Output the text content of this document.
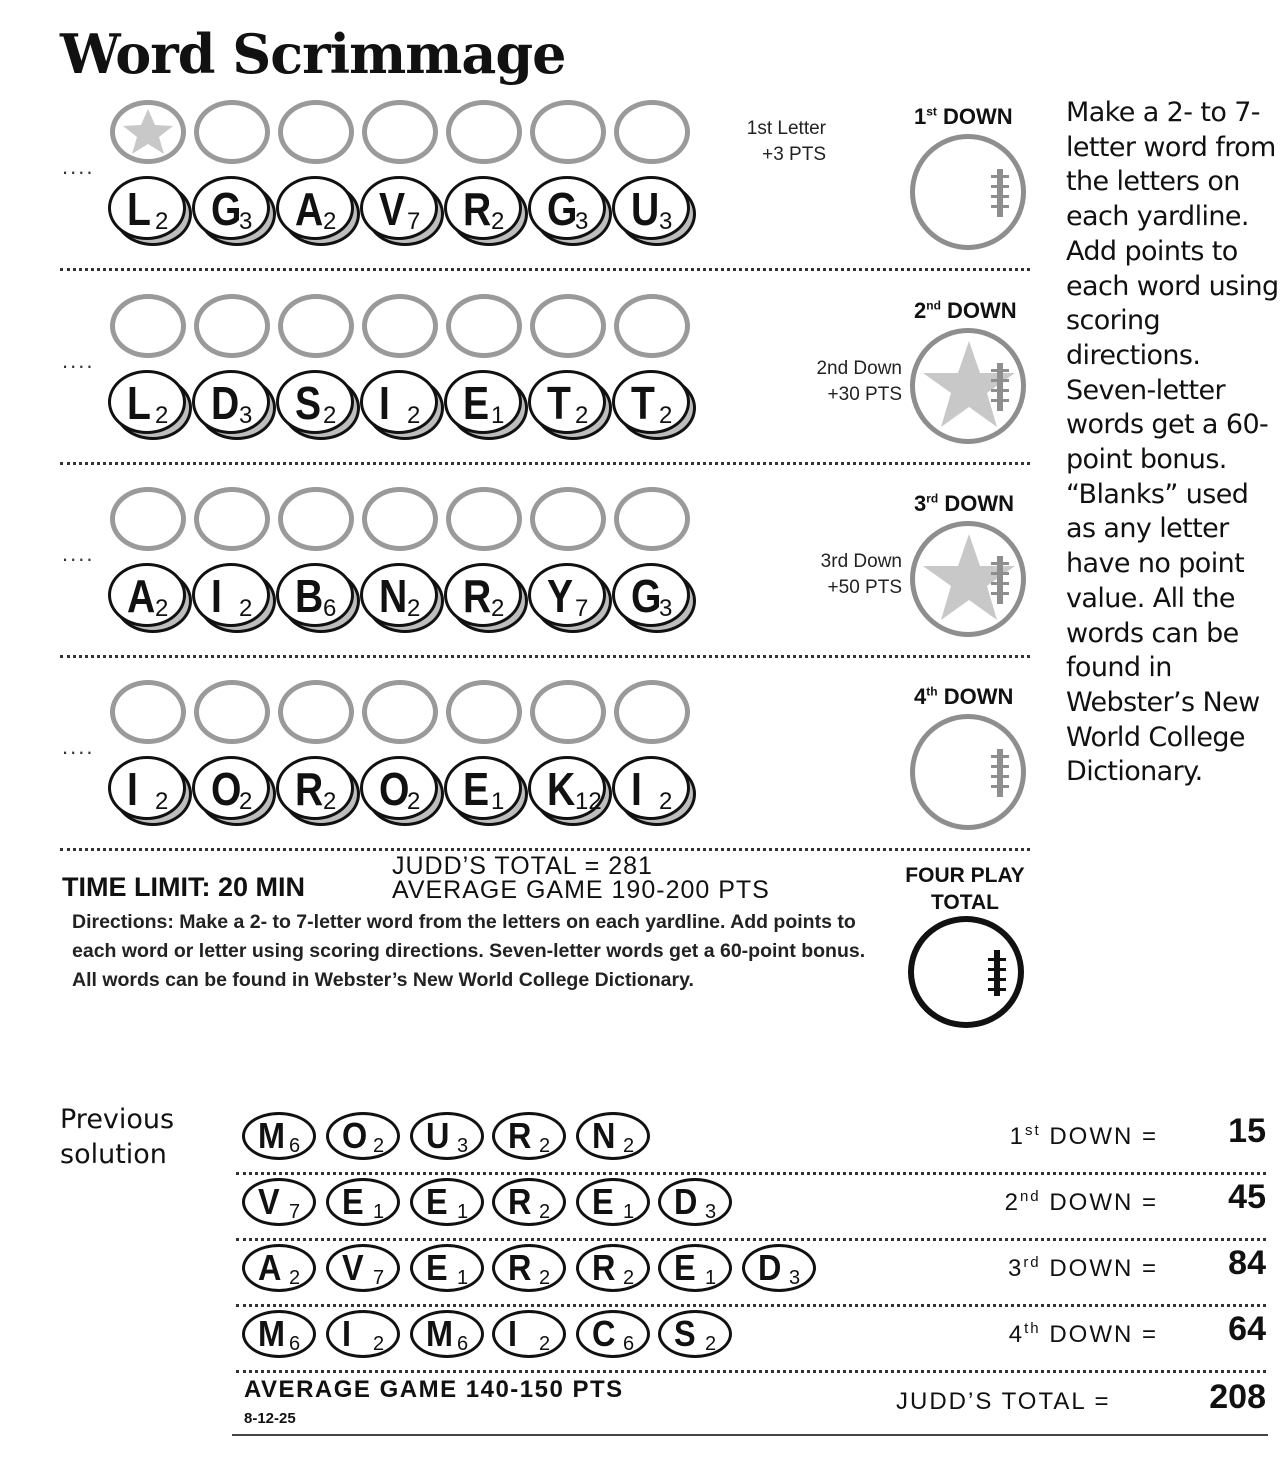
Word Scrimmage
....
L 2 G
3 A 2 V 7 R 2 G
3 U 3
1st Letter
+3 PTS
1st DOWN
....
L 2 D 3 S 2 I 2 E 1 T 2 T 2
2nd Down
+30 PTS
2nd DOWN
....
A 2 I 2 B 6 N 2 R 2 Y 7 G
3
3rd Down
+50 PTS
3rd DOWN
....
I 2 O
2 R 2 O
2 E 1 K 12 I 2
4th DOWN
Make a 2- to 7-letter word from the letters on each yardline. Add points to each word using scoring directions. Seven-letter words get a 60-point bonus. “Blanks” used as any letter have no point value. All the words can be found in Webster’s New World College Dictionary.
TIME LIMIT: 20 MIN
JUDD’S TOTAL = 281
AVERAGE GAME 190-200 PTS
Directions: Make a 2- to 7-letter word from the letters on each yardline. Add points to each word or letter using scoring directions. Seven-letter words get a 60-point bonus. All words can be found in Webster’s New World College Dictionary.
FOUR PLAY
TOTAL
Previous
solution	M 6 O 2 U 3 R 2 N 2	1st DOWN = 15
V 7 E 1 E 1 R 2 E 1 D 3	2nd DOWN = 45
A 2 V 7 E 1 R 2 R 2 E 1 D 3	3rd DOWN = 84
M 6 I 2 M 6 I 2 C 6 S 2	4th DOWN = 64
AVERAGE GAME 140-150 PTS
8-12-25
JUDD’S TOTAL =	208
